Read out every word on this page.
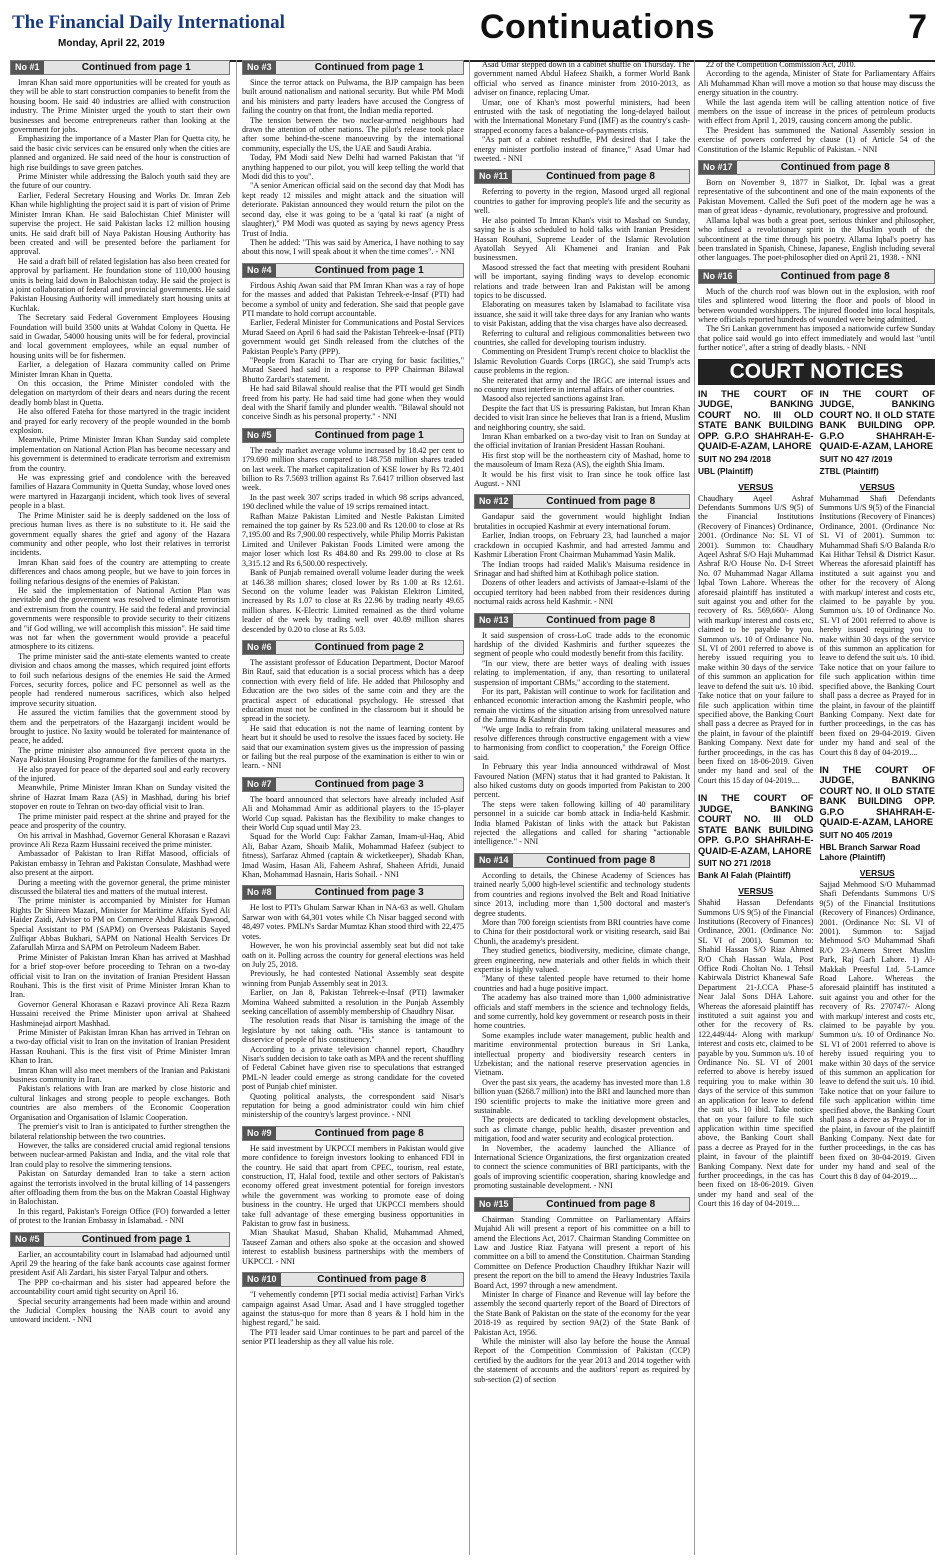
The Financial Daily International
Monday, April 22, 2019	Continuations	7
No #1	Continued from page 1

Imran Khan said more opportunities will be created for youth as they will be able to start construction companies to benefit from the housing boom. He said 40 industries are allied with construction industry. The Prime Minister urged the youth to start their own businesses and become entrepreneurs rather than looking at the government for jobs.

Emphasizing the importance of a Master Plan for Quetta city, he said the basic civic services can be ensured only when the cities are planned and organized. He said need of the hour is construction of high rise buildings to save green patches.

Prime Minister while addressing the Baloch youth said they are the future of our country.

Earlier, Federal Secretary Housing and Works Dr. Imran Zeb Khan while highlighting the project said it is part of vision of Prime Minister Imran Khan. He said Balochistan Chief Minister will supervise the project. He said Pakistan lacks 12 million housing units. He said draft bill of Naya Pakistan Housing Authority has been created and will be presented before the parliament for approval.

He said a draft bill of related legislation has also been created for approval by parliament. He foundation stone of 110,000 housing units is being laid down in Balochistan today. He said the project is a joint collaboration of federal and provincial governments. He said Pakistan Housing Authority will immediately start housing units at Kuchlak.

The Secretary said Federal Government Employees Housing Foundation will build 3500 units at Wahdat Colony in Quetta. He said in Gwadar, 54000 housing units will be for federal, provincial and local government employees, while an equal number of housing units will be for fishermen.

Earlier, a delegation of Hazara community called on Prime Minister Imran Khan in Quetta.

On this occasion, the Prime Minister condoled with the delegation on martyrdom of their dears and nears during the recent deadly bomb blast in Quetta.

He also offered Fateha for those martyred in the tragic incident and prayed for early recovery of the people wounded in the bomb explosion.

Meanwhile, Prime Minister Imran Khan Sunday said complete implementation on National Action Plan has become necessary and his government is determined to eradicate terrorism and extremism from the country.

He was expressing grief and condolence with the bereaved families of Hazara Community in Quetta Sunday, whose loved ones were martyred in Hazarganji incident, which took lives of several people in a blast.

The Prime Minister said he is deeply saddened on the loss of precious human lives as there is no substitute to it. He said the government equally shares the grief and agony of the Hazara community and other people, who lost their relatives in terrorist incidents.

Imran Khan said foes of the country are attempting to create differences and chaos among people, but we have to join forces in foiling nefarious designs of the enemies of Pakistan.

He said the implementation of National Action Plan was inevitable and the government was resolved to eliminate terrorism and extremism from the country. He said the federal and provincial governments were responsible to provide security to their citizens and "if God willing, we will accomplish this mission". He said time was not far when the government would provide a peaceful atmosphere to its citizens.

The prime minister said the anti-state elements wanted to create division and chaos among the masses, which required joint efforts to foil such nefarious designs of the enemies He said the Armed Forces, security forces, police and FC personnel as well as the people had rendered numerous sacrifices, which also helped improve security situation.

He assured the victim families that the government stood by them and the perpetrators of the Hazarganji incident would be brought to justice. No laxity would be tolerated for maintenance of peace, he added.

The prime minister also announced five percent quota in the Naya Pakistan Housing Programme for the families of the martyrs.

He also prayed for peace of the departed soul and early recovery of the injured.

Meanwhile, Prime Minister Imran Khan on Sunday visited the shrine of Hazrat Imam Raza (AS) in Mashhad, during his brief stopover en route to Tehran on two-day official visit to Iran.

The prime minister paid respect at the shrine and prayed for the peace and prosperity of the country.

On his arrival in Mashhad, Governor General Khorasan e Razavi province Ali Reza Razm Hussaini received the prime minister.

Ambassador of Pakistan to Iran Riffat Masood, officials of Pakistan embassy in Tehran and Pakistan Consulate, Mashhad were also present at the airport.

During a meeting with the governor general, the prime minister discussed the bilateral ties and matters of the mutual interest.

The prime minister is accompanied by Minister for Human Rights Dr Shireen Mazari, Minister for Maritime Affairs Syed Ali Haider Zaidi, Adviser to PM on Commerce Abdul Razak Dawood, Special Assistant to PM (SAPM) on Overseas Pakistanis Sayed Zulfiqar Abbas Bukhari, SAPM on National Health Services Dr Zafarullah Mirza and SAPM on Petroleum Nadeem Baber.

Prime Minister of Pakistan Imran Khan has arrived at Mashhad for a brief stop-over before proceeding to Tehran on a two-day official visit to Iran on the invitation of Iranian President Hassan Rouhani. This is the first visit of Prime Minister Imran Khan to Iran.

Governor General Khorasan e Razavi province Ali Reza Razm Hussaini received the Prime Minister upon arrival at Shaheed Hashminejad airport Mashhad.

Prime Minister of Pakistan Imran Khan has arrived in Tehran on a two-day official visit to Iran on the invitation of Iranian President Hassan Rouhani. This is the first visit of Prime Minister Imran Khan to Iran.

Imran Khan will also meet members of the Iranian and Pakistani business community in Iran.

Pakistan's relations with Iran are marked by close historic and cultural linkages and strong people to people exchanges. Both countries are also members of the Economic Cooperation Organisation and Organisation of Islamic Cooperation.

The premier's visit to Iran is anticipated to further strengthen the bilateral relationship between the two countries.

However, the talks are considered crucial amid regional tensions between nuclear-armed Pakistan and India, and the vital role that Iran could play to resolve the simmering tensions.

Pakistan on Saturday demanded Iran to take a stern action against the terrorists involved in the brutal killing of 14 passengers after offloading them from the bus on the Makran Coastal Highway in Balochistan.

In this regard, Pakistan's Foreign Office (FO) forwarded a letter of protest to the Iranian Embassy in Islamabad. - NNI

No #5	Continued from page 1

Earlier, an accountability court in Islamabad had adjourned until April 29 the hearing of the fake bank accounts case against former president Asif Ali Zardari, his sister Faryal Talpur and others.

The PPP co-chairman and his sister had appeared before the accountability court amid tight security on April 16.

Special security arrangements had been made within and around the Judicial Complex housing the NAB court to avoid any untoward incident. - NNI

No #3	Continued from page 1

Since the terror attack on Pulwama, the BJP campaign has been built around nationalism and national security. But while PM Modi and his ministers and party leaders have accused the Congress of failing the country on that front, the Indian media reported.

The tension between the two nuclear-armed neighbours had drawn the attention of other nations. The pilot's release took place after some behind-the-scene manoeuvring by the international community, especially the US, the UAE and Saudi Arabia.

Today, PM Modi said New Delhi had warned Pakistan that "if anything happened to our pilot, you will keep telling the world that Modi did this to you".

"A senior American official said on the second day that Modi has kept ready 12 missiles and might attack and the situation will deteriorate. Pakistan announced they would return the pilot on the second day, else it was going to be a 'qatal ki raat' (a night of slaughter)," PM Modi was quoted as saying by news agency Press Trust of India.

Then he added: "This was said by America, I have nothing to say about this now, I will speak about it when the time comes". - NNI

No #4	Continued from page 1

Firdous Ashiq Awan said that PM Imran Khan was a ray of hope for the masses and added that Pakistan Tehreek-e-Insaf (PTI) had become a symbol of unity and federation. She said that people gave PTI mandate to hold corrupt accountable.

Earlier, Federal Minister for Communications and Postal Services Murad Saeed on April 6 had said the Pakistan Tehreek-e-Insaf (PTI) government would get Sindh released from the clutches of the Pakistan People's Party (PPP).

"People from Karachi to Thar are crying for basic facilities," Murad Saeed had said in a response to PPP Chairman Bilawal Bhutto Zardari's statement.

He had said Bilawal should realise that the PTI would get Sindh freed from his party. He had said time had gone when they would deal with the Sharif family and plunder wealth. "Bilawal should not conceive Sindh as his personal property." - NNI

No #5	Continued from page 1

The ready market average volume increased by 18.42 per cent to 179.690 million shares compared to 148.758 million shares traded on last week. The market capitalization of KSE lower by Rs 72.401 billion to Rs 7.5693 trillion against Rs 7.6417 trillion observed last week.

In the past week 307 scrips traded in which 98 scrips advanced, 190 declined while the value of 19 scrips remained intact.

Rafhan Maize Pakistan Limited and Nestle Pakistan Limited remained the top gainer by Rs 523.00 and Rs 120.00 to close at Rs 7,195.00 and Rs 7,900.00 respectively, while Philip Morris Pakistan Limited and Unilever Pakistan Foods Limited were among the major loser which lost Rs 484.80 and Rs 299.00 to close at Rs 3,315.12 and Rs 6,500.00 respectively.

Bank of Punjab remained overall volume leader during the week at 146.38 million shares; closed lower by Rs 1.00 at Rs 12.61. Second on the volume leader was Pakistan Elektron Limited, increased by Rs 1.07 to close at Rs 22.96 by trading nearly 49.65 million shares. K-Electric Limited remained as the third volume leader of the week by trading well over 40.89 million shares descended by 0.20 to close at Rs 5.03.

No #6	Continued from page 2

The assistant professor of Education Department, Doctor Maroof Bin Rauf, said that education is a social process which has a deep connection with every field of life. He added that Philosophy and Education are the two sides of the same coin and they are the practical aspect of educational psychology. He stressed that education must not be confined in the classroom but it should be spread in the society.

He said that education is not the name of learning content by heart but it should be used to resolve the issues faced by society. He said that our examination system gives us the impression of passing or failing but the real purpose of the examination is either to win or learn. - NNI

No #7	Continued from page 3

The board announced that selectors have already included Asif Ali and Mohammad Amir as additional players to the 15-player World Cup squad. Pakistan has the flexibility to make changes to their World Cup squad until May 23.

Squad for the World Cup: Fakhar Zaman, Imam-ul-Haq, Abid Ali, Babar Azam, Shoaib Malik, Mohammad Hafeez (subject to fitness), Sarfaraz Ahmed (captain & wicketkeeper), Shadab Khan, Imad Wasim, Hasan Ali, Faheem Ashraf, Shaheen Afridi, Junaid Khan, Mohammad Hasnain, Haris Sohail. - NNI

No #8	Continued from page 3

He lost to PTI's Ghulam Sarwar Khan in NA-63 as well. Ghulam Sarwar won with 64,301 votes while Ch Nisar bagged second with 48,497 votes. PMLN's Sardar Mumtaz Khan stood third with 22,475 votes.

However, he won his provincial assembly seat but did not take oath on it. Polling across the country for general elections was held on July 25, 2018.

Previously, he had contested National Assembly seat despite winning from Punjab Assembly seat in 2013.

Earlier, on Jan 8, Pakistan Tehreek-e-Insaf (PTI) lawmaker Momina Waheed submitted a resolution in the Punjab Assembly seeking cancellation of assembly membership of Chaudhry Nisar.

The resolution reads that Nisar is tarnishing the image of the legislature by not taking oath. "His stance is tantamount to disservice of people of his constituency."

According to a private television channel report, Chaudhry Nisar's sudden decision to take oath as MPA and the recent shuffling of Federal Cabinet have given rise to speculations that estranged PML-N leader could emerge as strong candidate for the coveted post of Punjab chief minister.

Quoting political analysts, the correspondent said Nisar's reputation for being a good administrator could win him chief ministership of the country's largest province. - NNI

No #9	Continued from page 8

He said investment by UKPCCI members in Pakistan would give more confidence to foreign investors looking to enhanced FDI in the country. He said that apart from CPEC, tourism, real estate, construction, IT, Halal food, textile and other sectors of Pakistan's economy offered great investment potential for foreign investors while the government was working to promote ease of doing business in the country. He urged that UKPCCI members should take full advantage of these emerging business opportunities in Pakistan to grow fast in business.

Mian Shaukat Masud, Shaban Khalid, Muhammad Ahmed, Tauseef Zaman and others also spoke at the occasion and showed interest to establish business partnerships with the members of UKPCCI. - NNI

No #10	Continued from page 8

"I vehemently condemn [PTI social media activist] Farhan Virk's campaign against Asad Umar. Asad and I have struggled together against the status-quo for more than 8 years & I hold him in the highest regard," he said.

The PTI leader said Umar continues to be part and parcel of the senior PTI leadership as they all value his role.

Asad Umar stepped down in a cabinet shuffle on Thursday. The government named Abdul Hafeez Shaikh, a former World Bank official who served as finance minister from 2010-2013, as adviser on finance, replacing Umar.

Umar, one of Khan's most powerful ministers, had been entrusted with the task of negotiating the long-delayed bailout with the International Monetary Fund (IMF) as the country's cash-strapped economy faces a balance-of-payments crisis.

"As part of a cabinet reshuffle, PM desired that I take the energy minister portfolio instead of finance," Asad Umar had tweeted. - NNI

No #11	Continued from page 8

Referring to poverty in the region, Masood urged all regional countries to gather for improving people's life and the security as well.

He also pointed To Imran Khan's visit to Mashad on Sunday, saying he is also scheduled to hold talks with Iranian President Hassan Rouhani, Supreme Leader of the Islamic Revolution Ayatollah Seyyed Ali Khamenei and Iranian and Pak businessmen.

Masood stressed the fact that meeting with president Rouhani will be important, saying finding ways to develop economic relations and trade between Iran and Pakistan will be among topics to be discussed.

Elaborating on measures taken by Islamabad to facilitate visa issuance, she said it will take three days for any Iranian who wants to visit Pakistan, adding that the visa charges have also decreased.

Referring to cultural and religious commonalities between two countries, she called for developing tourism industry.

Commenting on President Trump's recent choice to blacklist the Islamic Revolution Guards Corps (IRGC), she said Trump's acts cause problems in the region.

She reiterated that army and the IRGC are internal issues and no country must interfere in internal affairs of other countries.

Masood also rejected sanctions against Iran.

Despite the fact that US is pressuring Pakistan, but Imran Khan decided to visit Iran since he believes that Iran is a friend, Muslim and neighboring country, she said.

Imran Khan embarked on a two-day visit to Iran on Sunday at the official invitation of Iranian President Hassan Rouhani.

His first stop will be the northeastern city of Mashad, home to the mausoleum of Imam Reza (AS), the eighth Shia Imam.

It would be his first visit to Iran since he took office last August. - NNI

No #12	Continued from page 8

Gandapur said the government would highlight Indian brutalities in occupied Kashmir at every international forum.

Earlier, Indian troops, on February 23, had launched a major crackdown in occupied Kashmir, and had arrested Jammu and Kashmir Liberation Front Chairman Muhammad Yasin Malik.

The Indian troops had raided Malik's Maisuma residence in Srinagar and had shifted him at Kothibagh police station.

Dozens of other leaders and activists of Jamaat-e-Islami of the occupied territory had been nabbed from their residences during nocturnal raids across held Kashmir. - NNI

No #13	Continued from page 8

It said suspension of cross-LoC trade adds to the economic hardship of the divided Kashmiris and further squeezes the segment of people who could modestly benefit from this facility.

"In our view, there are better ways of dealing with issues relating to implementation, if any, than resorting to unilateral suspension of important CBMs," according to the statement.

For its part, Pakistan will continue to work for facilitation and enhanced economic interaction among the Kashmiri people, who remain the victims of the situation arising from unresolved nature of the Jammu & Kashmir dispute.

"We urge India to refrain from taking unilateral measures and resolve differences through constructive engagement with a view to harmonising from conflict to cooperation," the Foreign Office said.

In February this year India announced withdrawal of Most Favoured Nation (MFN) status that it had granted to Pakistan. It also hiked customs duty on goods imported from Pakistan to 200 percent.

The steps were taken following killing of 40 paramilitary personnel in a suicide car bomb attack in India-held Kashmir. India blamed Pakistan of links with the attack but Pakistan rejected the allegations and called for sharing "actionable intelligence." - NNI

No #14	Continued from page 8

According to details, the Chinese Academy of Sciences has trained nearly 5,000 high-level scientific and technology students from countries and regions involved the Belt and Road Initiative since 2013, including more than 1,500 doctoral and master's degree students.

More than 700 foreign scientists from BRI countries have come to China for their postdoctoral work or visiting research, said Bai Chunli, the academy's president.

They studied genetics, biodiversity, medicine, climate change, green engineering, new materials and other fields in which their expertise is highly valued.

"Many of these talented people have returned to their home countries and had a huge positive impact.

The academy has also trained more than 1,000 administrative officials and staff members in the science and technology fields, and some currently, hold key government or research posts in their home countries.

Some examples include water management, public health and maritime environmental protection bureaus in Sri Lanka, intellectual property and biodiversity research centers in Uzbekistan; and the national reserve preservation agencies in Vietnam.

Over the past six years, the academy has invested more than 1.8 billion yuan ($268.7 million) into the BRI and launched more than 190 scientific projects to make the initiative more green and sustainable.

The projects are dedicated to tackling development obstacles, such as climate change, public health, disaster prevention and mitigation, food and water security and ecological protection.

In November, the academy launched the Alliance of International Science Organizations, the first organization created to connect the science communities of BRI participants, with the goals of improving scientific cooperation, sharing knowledge and promoting sustainable development. - NNI

No #15	Continued from page 8

Chairman Standing Committee on Parliamentary Affairs Mujahid Ali will present a report of his committee on a bill to amend the Elections Act, 2017. Chairman Standing Committee on Law and Justice Riaz Fatyana will present a report of his committee on a bill to amend the Constitution. Chairman Standing Committee on Defence Production Chaudhry Iftikhar Nazir will present the report on the bill to amend the Heavy Industries Taxila Board Act, 1997 through a new amendment.

Minister In charge of Finance and Revenue will lay before the assembly the second quarterly report of the Board of Directors of the State Bank of Pakistan on the state of the economy for the year 2018-19 as required by section 9A(2) of the State Bank of Pakistan Act, 1956.

While the minister will also lay before the house the Annual Report of the Competition Commission of Pakistan (CCP) certified by the auditors for the year 2013 and 2014 together with the statement of accounts and the auditors' report as required by sub-section (2) of section

22 of the Competition Commission Act, 2010.

According to the agenda, Minister of State for Parliamentary Affairs Ali Muhammad Khan will move a motion so that house may discuss the energy situation in the country.

While the last agenda item will be calling attention notice of five members on the issue of increase in the prices of petroleum products with effect from April 1, 2019, causing concern among the public.

The President has summoned the National Assembly session in exercise of powers conferred by clause (1) of Article 54 of the Constitution of the Islamic Republic of Pakistan. - NNI

No #17	Continued from page 8

Born on November 9, 1877 in Sialkot, Dr. Iqbal was a great representative of the subcontinent and one of the main exponents of the Pakistan Movement. Called the Sufi poet of the modern age he was a man of great ideas - dynamic, revolutionary, progressive and profound.

Allama Iqbal was both a great poet, serious thinker and philosopher, who infused a revolutionary spirit in the Muslim youth of the subcontinent at the time through his poetry. Allama Iqbal's poetry has been translated in Spanish, Chinese, Japanese, English including several other languages. The poet-philosopher died on April 21, 1938. - NNI

No #16	Continued from page 8

Much of the church roof was blown out in the explosion, with roof tiles and splintered wood littering the floor and pools of blood in between wounded worshippers. The injured flooded into local hospitals, where officials reported hundreds of wounded were being admitted.

The Sri Lankan government has imposed a nationwide curfew Sunday that police said would go into effect immediately and would last "until further notice", after a string of deadly blasts. - NNI

COURT NOTICES
IN THE COURT OF JUDGE, BANKING COURT NO. III OLD STATE BANK BUILDING OPP. G.P.O SHAHRAH-E-QUAID-E-AZAM, LAHORE
SUIT NO 294 /2018
UBL (Plaintiff)
VERSUS
Chaudhary Aqeel Ashraf Defendants Summons U/S 9(5) of the Financial Institutions (Recovery of Finances) Ordinance, 2001. (Ordinance No: SL VI of 2001). Summon to: Chaudhary Aqeel Ashraf S/O Haji Muhammad Ashraf R/O House No. D-I Street No. 07 Muhammad Nagar Allama Iqbal Town Lahore. Whereas the aforesaid plaintiff has instituted a suit against you and other for the recovery of Rs. 569,660/- Along with markup/ interest and costs etc, claimed to be payable by you. Summon u/s. 10 of Ordinance No. SL VI of 2001 referred to above is hereby issued requiring you to make within 30 days of the service of this summon an application for leave to defend the suit u/s. 10 ibid. Take notice that on your failure to file such application within time specified above, the Banking Court shall pass a decree as Prayed for in the plaint, in favour of the plaintiff Banking Company. Next date for further proceedings, in the cas has been fixed on 18-06-2019. Given under my hand and seal of the Court this 15 day of 04-2019....
IN THE COURT OF JUDGE, BANKING COURT NO. III OLD STATE BANK BUILDING OPP. G.P.O SHAHRAH-E-QUAID-E-AZAM, LAHORE
SUIT NO 271 /2018
Bank Al Falah (Plaintiff)
VERSUS
Shahid Hassan Defendants Summons U/S 9(5) of the Financial Institutions (Recovery of Finances) Ordinance, 2001. (Ordinance No: SL VI of 2001). Summon to: Shahid Hassan S/O Riaz Ahmed R/O Chah Hassan Wala, Post Office Rodi Choltan No. 1 Tehsil Kabirwala District Khanewal Safe Department 21-J.CCA Phase-5 Near Jalal Sons DHA Lahore. Whereas the aforesaid plaintiff has instituted a suit against you and other for the recovery of Rs. 122,449/44- Along with markup/ interest and costs etc, claimed to be payable by you. Summon u/s. 10 of Ordinance No. SL VI of 2001 referred to above is hereby issued requiring you to make within 30 days of the service of this summon an application for leave to defend the suit u/s. 10 ibid. Take notice that on your failure to file such application within time specified above, the Banking Court shall pass a decree as Prayed for in the plaint, in favour of the plaintiff Banking Company. Next date for further proceedings, in the cas has been fixed on 18-06-2019. Given under my hand and seal of the Court this 16 day of 04-2019....
IN THE COURT OF JUDGE, BANKING COURT NO. II OLD STATE BANK BUILDING OPP. G.P.O SHAHRAH-E-QUAID-E-AZAM, LAHORE
SUIT NO 427 /2019
ZTBL (Plaintiff)
VERSUS
Muhammad Shafi Defendants Summons U/S 9(5) of the Financial Institutions (Recovery of Finances) Ordinance, 2001. (Ordinance No: SL VI of 2001). Summon to: Muhammad Shafi S/O Balanda R/o Kai Hithar Tehsil & District Kasur. Whereas the aforesaid plaintiff has instituted a suit against you and other for the recovery of Along with markup/ interest and costs etc, claimed to be payable by you. Summon u/s. 10 of Ordinance No. SL VI of 2001 referred to above is hereby issued requiring you to make within 30 days of the service of this summon an application for leave to defend the suit u/s. 10 ibid. Take notice that on your failure to file such application within time specified above, the Banking Court shall pass a decree as Prayed for in the plaint, in favour of the plaintiff Banking Company. Next date for further proceedings, in the cas has been fixed on 29-04-2019. Given under my hand and seal of the Court this 8 day of 04-2019....
IN THE COURT OF JUDGE, BANKING COURT NO. II OLD STATE BANK BUILDING OPP. G.P.O SHAHRAH-E-QUAID-E-AZAM, LAHORE
SUIT NO 405 /2019
HBL Branch Sarwar Road Lahore (Plaintiff)
VERSUS
Sajjad Mehmood S/O Muhammad Shafi Defendants Summons U/S 9(5) of the Financial Institutions (Recovery of Finances) Ordinance, 2001. (Ordinance No: SL VI of 2001). Summon to: Sajjad Mehmood S/O Muhammad Shafi R/O 23-Ameen Street Muslim Park, Raj Garh Lahore. 1) Al-Makkah Preesful Ltd. 5-Lamce Road Lahore. Whereas the aforesaid plaintiff has instituted a suit against you and other for the recovery of Rs. 270747/- Along with markup/ interest and costs etc, claimed to be payable by you. Summon u/s. 10 of Ordinance No. SL VI of 2001 referred to above is hereby issued requiring you to make within 30 days of the service of this summon an application for leave to defend the suit u/s. 10 ibid. Take notice that on your failure to file such application within time specified above, the Banking Court shall pass a decree as Prayed for in the plaint, in favour of the plaintiff Banking Company. Next date for further proceedings, in the cas has been fixed on 30-04-2019. Given under my hand and seal of the Court this 8 day of 04-2019....
